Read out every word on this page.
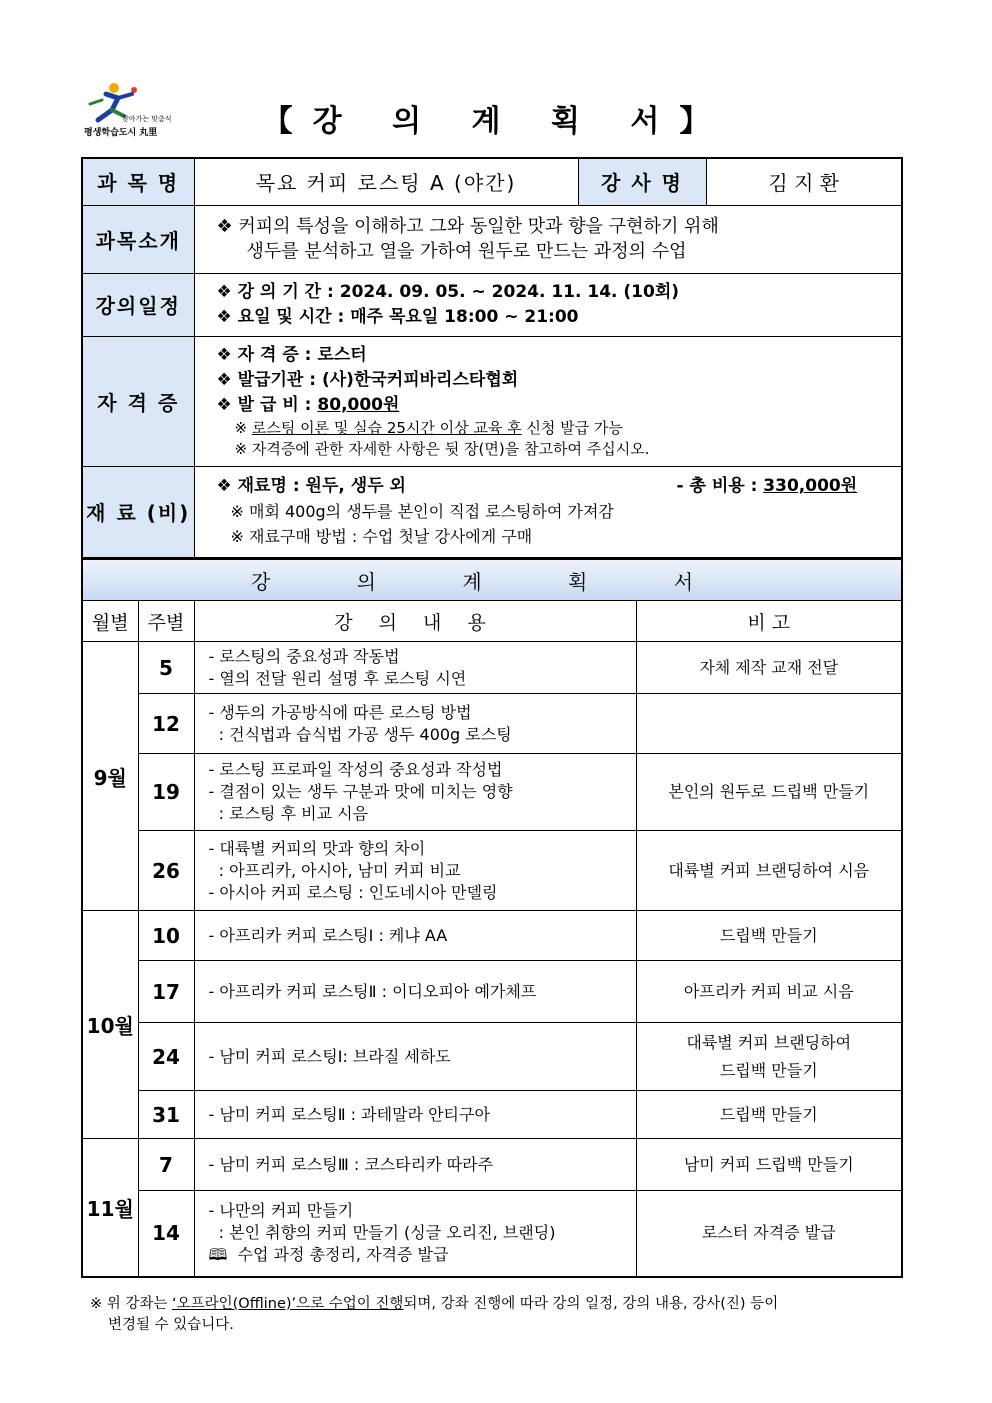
찾아가는 맞춤식
평생학습도시 丸里	【강 의 계 획 서】
과 목 명	목요 커피 로스팅 A (야간)	강 사 명	김 지 환
과목소개	❖ 커피의 특성을 이해하고 그와 동일한 맛과 향을 구현하기 위해
생두를 분석하고 열을 가하여 원두로 만드는 과정의 수업		

강의일정	❖ 강 의 기 간 : 2024. 09. 05. ~ 2024. 11. 14. (10회)
❖ 요일 및 시간 : 매주 목요일 18:00 ~ 21:00		

자 격 증	❖ 자 격 증 : 로스터
❖ 발급기관 : (사)한국커피바리스타협회
❖ 발 급 비 : 80,000원
※ 로스팅 이론 및 실습 25시간 이상 교육 후 신청 발급 가능
※ 자격증에 관한 자세한 사항은 뒷 장(면)을 참고하여 주십시오.		

재 료 (비)	❖ 재료명 : 원두, 생두 외 - 총 비용 : 330,000원
※ 매회 400g의 생두를 본인이 직접 로스팅하여 가져감
※ 재료구매 방법 : 수업 첫날 강사에게 구매		
강 의 계 획 서			
월별	주별	강 의 내 용	비 고
9월	5	- 로스팅의 중요성과 작동법
- 열의 전달 원리 설명 후 로스팅 시연	자체 제작 교재 전달

	12	- 생두의 가공방식에 따른 로스팅 방법
: 건식법과 습식법 가공 생두 400g 로스팅	

	19	- 로스팅 프로파일 작성의 중요성과 작성법
- 결점이 있는 생두 구분과 맛에 미치는 영향
: 로스팅 후 비교 시음	본인의 원두로 드립백 만들기

	26	- 대륙별 커피의 맛과 향의 차이
: 아프리카, 아시아, 남미 커피 비교
- 아시아 커피 로스팅 : 인도네시아 만델링	대륙별 커피 브랜딩하여 시음

10월	10	- 아프리카 커피 로스팅Ⅰ : 케냐 AA	드립백 만들기

	17	- 아프리카 커피 로스팅Ⅱ : 이디오피아 예가체프	아프리카 커피 비교 시음

	24	- 남미 커피 로스팅Ⅰ: 브라질 세하도	대륙별 커피 브랜딩하여
드립백 만들기

	31	- 남미 커피 로스팅Ⅱ : 과테말라 안티구아	드립백 만들기

11월	7	- 남미 커피 로스팅Ⅲ : 코스타리카 따라주	남미 커피 드립백 만들기

	14	- 나만의 커피 만들기
: 본인 취향의 커피 만들기 (싱글 오리진, 브랜딩)
🕮  수업 과정 총정리, 자격증 발급	로스터 자격증 발급
※ 위 강좌는 ‘오프라인(Offline)’으로 수업이 진행되며, 강좌 진행에 따라 강의 일정, 강의 내용, 강사(진) 등이
변경될 수 있습니다.
